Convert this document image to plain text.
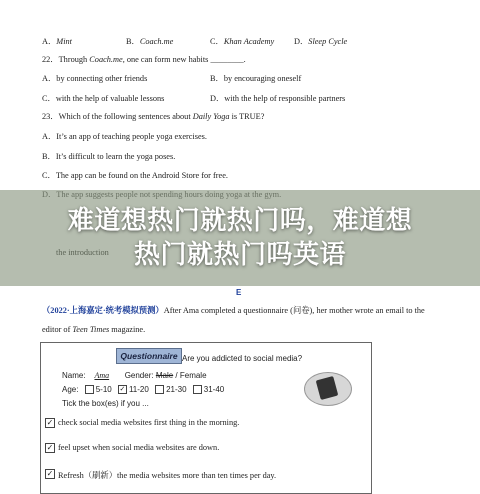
A．Mint	B．Coach.me	C．Khan Academy D．Sleep Cycle
22．Through Coach.me, one can form new habits ________.
A．by connecting other friends	B．by encouraging oneself
C．with the help of valuable lessons	D．with the help of responsible partners
23．Which of the following sentences about Daily Yoga is TRUE?
A．It’s an app of teaching people yoga exercises.
B．It’s difficult to learn the yoga poses.
C．The app can be found on the Android Store for free.
难道想热门就热门吗，难道想
热门就热门吗英语
E
（2022·上海嘉定·统考模拟预测）After Ama completed a questionnaire (问卷), her mother wrote an email to the
editor of Teen Times magazine.
Questionnaire Are you addicted to social media?
Name: Ama Gender: Male / Female
Age: 5-10 ✓ 11-20 21-30 31-40
Tick the box(es) if you ...
✓ check social media websites first thing in the morning.
✓ feel upset when social media websites are down.
✓ Refresh（刷新）the media websites more than ten times per day.
